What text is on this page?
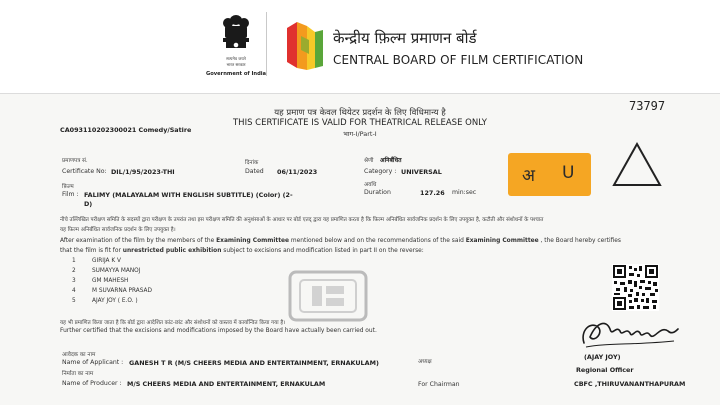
सत्यमेव जयते
भारत सरकार
Government of India
केन्द्रीय फ़िल्म प्रमाणन बोर्ड
CENTRAL BOARD OF FILM CERTIFICATION
73797
यह प्रमाण पत्र केवल थियेटर प्रदर्शन के लिए विधिमान्य है
THIS CERTIFICATE IS VALID FOR THEATRICAL RELEASE ONLY
भाग-I/Part-I
CA093110202300021 Comedy/Satire
प्रमाणपत्र सं.
Certificate No: DIL/1/95/2023-THI
दिनांक
Dated 06/11/2023
श्रेणी अनिर्बंधित
Category : UNIVERSAL
अवधि
Duration	127.26 min:sec
फ़िल्म
Film : FALIMY (MALAYALAM WITH ENGLISH SUBTITLE) (Color) (2-
D)
अ U
नीचे उल्लिखित परीक्षण समिति के सदस्यों द्वारा परीक्षण के उपरांत तथा इस परीक्षण समिति की अनुशंसाओं के आधार पर बोर्ड एतद् द्वारा यह प्रमाणित करता है कि फ़िल्म अनिर्बंधित सार्वजनिक प्रदर्शन के लिए उपयुक्त है, कटौती और संशोधनों के पश्चात
यह फ़िल्म अनिर्बंधित सार्वजनिक प्रदर्शन के लिए उपयुक्त है।
After examination of the film by the members of the Examining Committee mentioned below and on the recommendations of the said Examining Committee , the Board hereby certifies
that the film is fit for unrestricted public exhibition subject to excisions and modification listed in part II on the reverse:
1	GIRIJA K V
2	SUMAYYA MANOJ
3	GM MAHESH
4	M SUVARNA PRASAD
5	AJAY JOY ( E.O. )
यह भी प्रमाणित किया जाता है कि बोर्ड द्वारा आदेशित कांट-छांट और संशोधनों को वास्तव में कार्यान्वित किया गया है।
Further certified that the excisions and modifications imposed by the Board have actually been carried out.
आवेदक का नाम
Name of Applicant : GANESH T R (M/S CHEERS MEDIA AND ENTERTAINMENT, ERNAKULAM)
निर्माता का नाम
Name of Producer : M/S CHEERS MEDIA AND ENTERTAINMENT, ERNAKULAM
अध्यक्ष
For Chairman
(AJAY JOY)
Regional Officer
CBFC ,THIRUVANANTHAPURAM
